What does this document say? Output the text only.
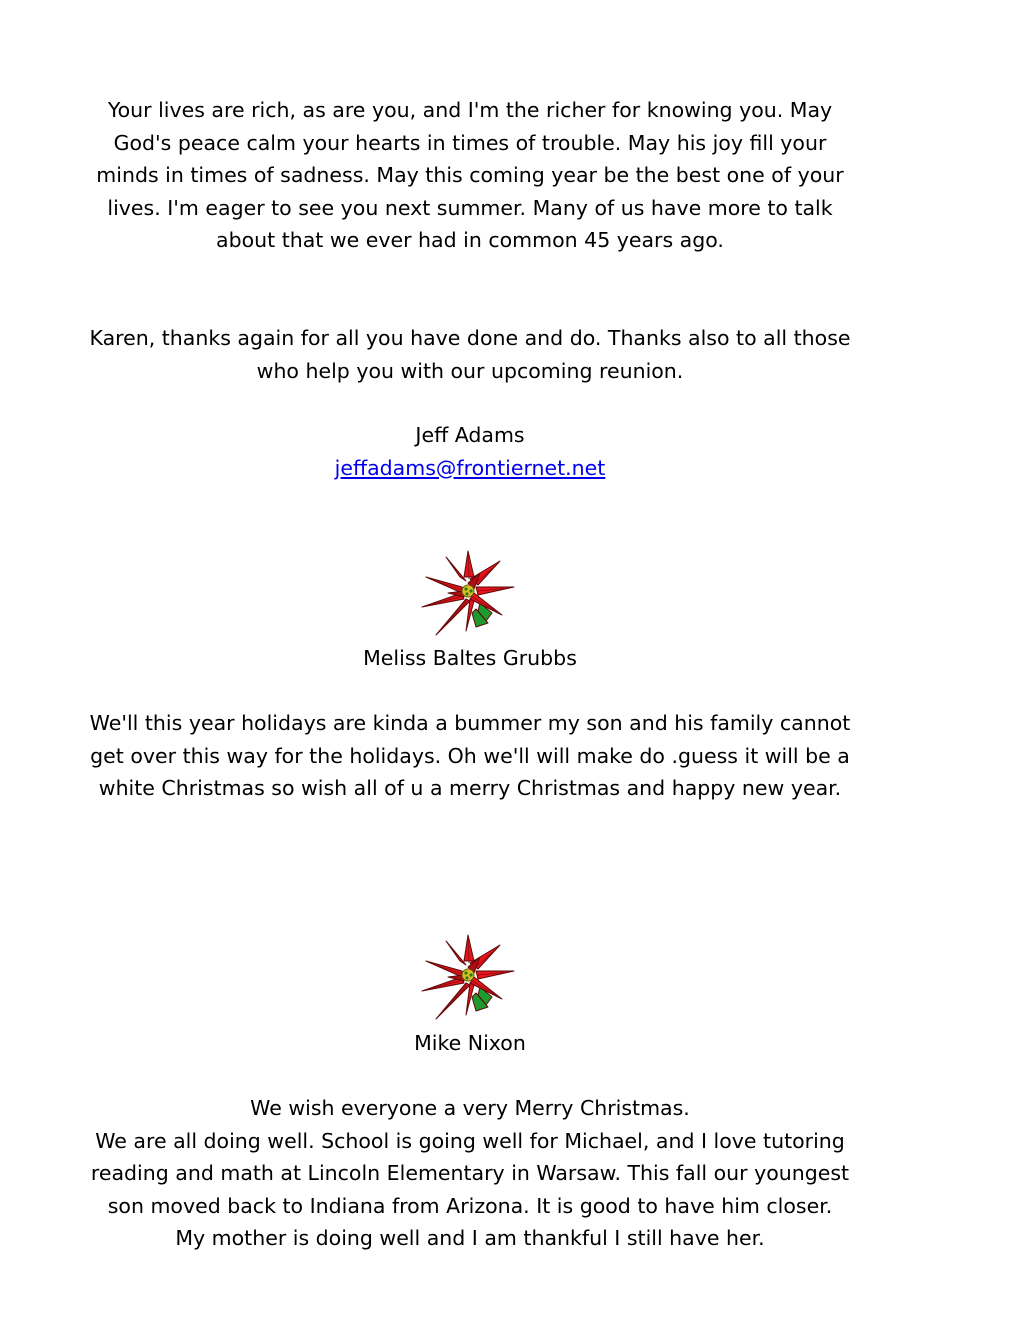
Your lives are rich, as are you, and I'm the richer for knowing you. May
God's peace calm your hearts in times of trouble. May his joy fill your
minds in times of sadness. May this coming year be the best one of your
lives. I'm eager to see you next summer. Many of us have more to talk
about that we ever had in common 45 years ago.
Karen, thanks again for all you have done and do. Thanks also to all those
who help you with our upcoming reunion.
Jeff Adams
jeffadams@frontiernet.net
Meliss Baltes Grubbs
We'll this year holidays are kinda a bummer my son and his family cannot
get over this way for the holidays. Oh we'll will make do .guess it will be a
white Christmas so wish all of u a merry Christmas and happy new year.
Mike Nixon
We wish everyone a very Merry Christmas.
We are all doing well. School is going well for Michael, and I love tutoring
reading and math at Lincoln Elementary in Warsaw. This fall our youngest
son moved back to Indiana from Arizona. It is good to have him closer.
My mother is doing well and I am thankful I still have her.
